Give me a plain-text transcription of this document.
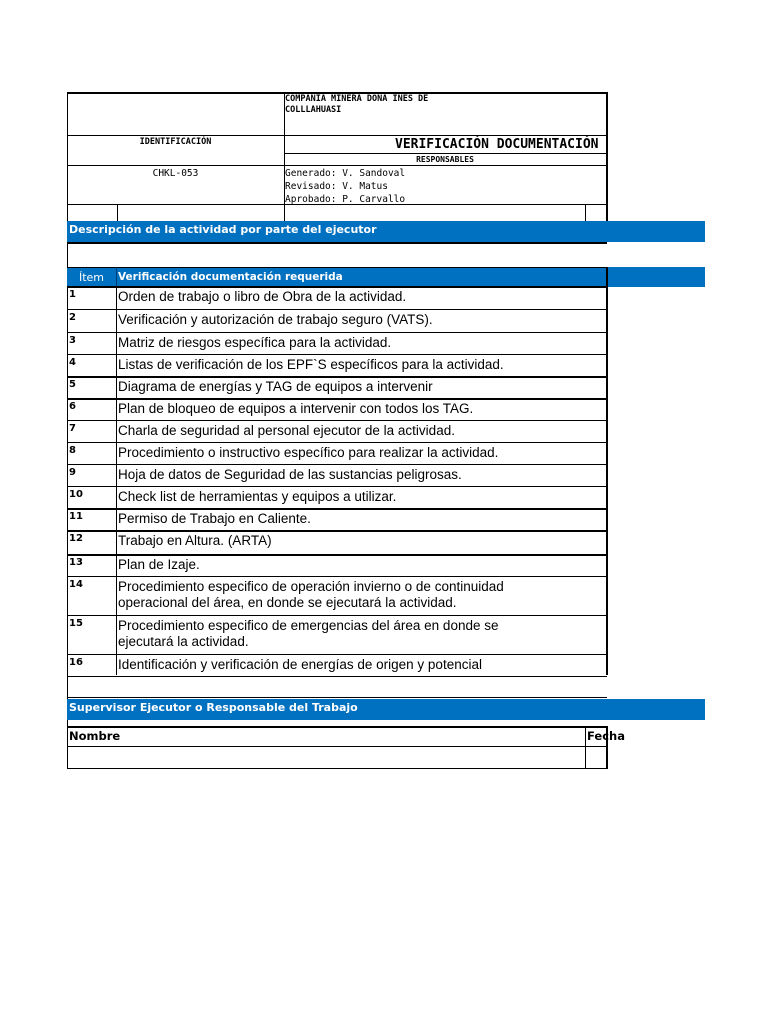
COMPANIA MINERA DONA INES DE COLLLAHUASI
IDENTIFICACIÓN	VERIFICACIÓN DOCUMENTACIÓN
RESPONSABLES
CHKL-053	Generado: V. Sandoval
Revisado: V. Matus
Aprobado: P. Carvallo
Descripción de la actividad por parte del ejecutor
Ítem	Verificación documentación requerida
1	Orden de trabajo o libro de Obra de la actividad.
2	Verificación y autorización de trabajo seguro (VATS).
3	Matriz de riesgos específica para la actividad.
4	Listas de verificación de los EPF`S específicos para la actividad.
5	Diagrama de energías y TAG de equipos a intervenir
6	Plan de bloqueo de equipos a intervenir con todos los TAG.
7	Charla de seguridad al personal ejecutor de la actividad.
8	Procedimiento o instructivo específico para realizar la actividad.
9	Hoja de datos de Seguridad de las sustancias peligrosas.
10	Check list de herramientas y equipos a utilizar.
11	Permiso de Trabajo en Caliente.
12	Trabajo en Altura. (ARTA)
13	Plan de Izaje.
14	Procedimiento especifico de operación invierno o de continuidad operacional del área, en donde se ejecutará la actividad.
15	Procedimiento especifico de emergencias del área en donde se ejecutará la actividad.
16	Identificación y verificación de energías de origen y potencial
Supervisor Ejecutor o Responsable del Trabajo
Nombre	Fecha
